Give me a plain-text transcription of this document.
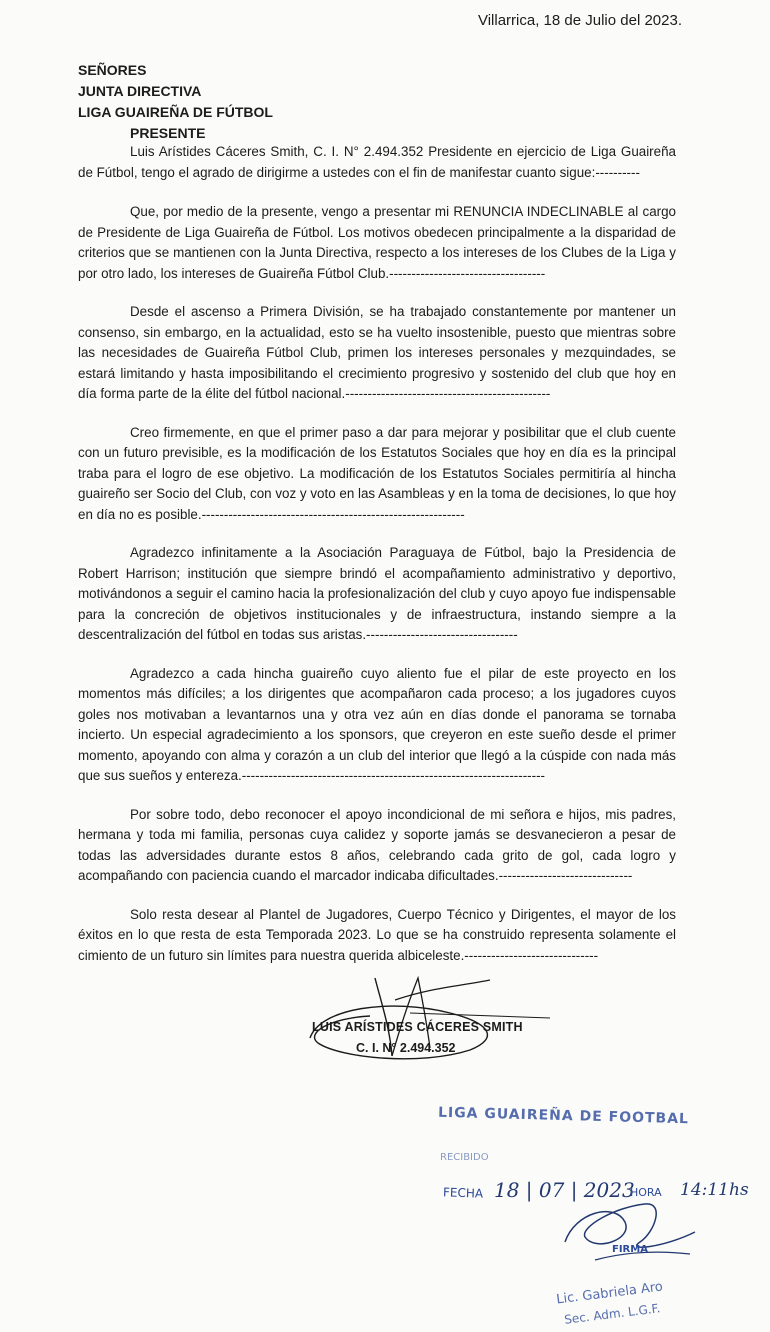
Villarrica, 18 de Julio del 2023.
SEÑORES
JUNTA DIRECTIVA
LIGA GUAIREÑA DE FÚTBOL
PRESENTE

Luis Arístides Cáceres Smith, C. I. N° 2.494.352 Presidente en ejercicio de Liga Guaireña de Fútbol, tengo el agrado de dirigirme a ustedes con el fin de manifestar cuanto sigue:----------

Que, por medio de la presente, vengo a presentar mi RENUNCIA INDECLINABLE al cargo de Presidente de Liga Guaireña de Fútbol. Los motivos obedecen principalmente a la disparidad de criterios que se mantienen con la Junta Directiva, respecto a los intereses de los Clubes de la Liga y por otro lado, los intereses de Guaireña Fútbol Club.-----------------------------------

Desde el ascenso a Primera División, se ha trabajado constantemente por mantener un consenso, sin embargo, en la actualidad, esto se ha vuelto insostenible, puesto que mientras sobre las necesidades de Guaireña Fútbol Club, primen los intereses personales y mezquindades, se estará limitando y hasta imposibilitando el crecimiento progresivo y sostenido del club que hoy en día forma parte de la élite del fútbol nacional.----------------------------------------------

Creo firmemente, en que el primer paso a dar para mejorar y posibilitar que el club cuente con un futuro previsible, es la modificación de los Estatutos Sociales que hoy en día es la principal traba para el logro de ese objetivo. La modificación de los Estatutos Sociales permitiría al hincha guaireño ser Socio del Club, con voz y voto en las Asambleas y en la toma de decisiones, lo que hoy en día no es posible.-----------------------------------------------------------

Agradezco infinitamente a la Asociación Paraguaya de Fútbol, bajo la Presidencia de Robert Harrison; institución que siempre brindó el acompañamiento administrativo y deportivo, motivándonos a seguir el camino hacia la profesionalización del club y cuyo apoyo fue indispensable para la concreción de objetivos institucionales y de infraestructura, instando siempre a la descentralización del fútbol en todas sus aristas.----------------------------------

Agradezco a cada hincha guaireño cuyo aliento fue el pilar de este proyecto en los momentos más difíciles; a los dirigentes que acompañaron cada proceso; a los jugadores cuyos goles nos motivaban a levantarnos una y otra vez aún en días donde el panorama se tornaba incierto. Un especial agradecimiento a los sponsors, que creyeron en este sueño desde el primer momento, apoyando con alma y corazón a un club del interior que llegó a la cúspide con nada más que sus sueños y entereza.--------------------------------------------------------------------

Por sobre todo, debo reconocer el apoyo incondicional de mi señora e hijos, mis padres, hermana y toda mi familia, personas cuya calidez y soporte jamás se desvanecieron a pesar de todas las adversidades durante estos 8 años, celebrando cada grito de gol, cada logro y acompañando con paciencia cuando el marcador indicaba dificultades.------------------------------

Solo resta desear al Plantel de Jugadores, Cuerpo Técnico y Dirigentes, el mayor de los éxitos en lo que resta de esta Temporada 2023. Lo que se ha construido representa solamente el cimiento de un futuro sin límites para nuestra querida albiceleste.------------------------------

LUIS ARÍSTIDES CÁCERES SMITH
C. I. N° 2.494.352
LIGA GUAIREÑA DE FOOTBAL
RECIBIDO
FECHA 18 | 07 | 2023
HORA 14:11hs
FIRMA
Lic. Gabriela Aro
Sec. Adm. L.G.F.
